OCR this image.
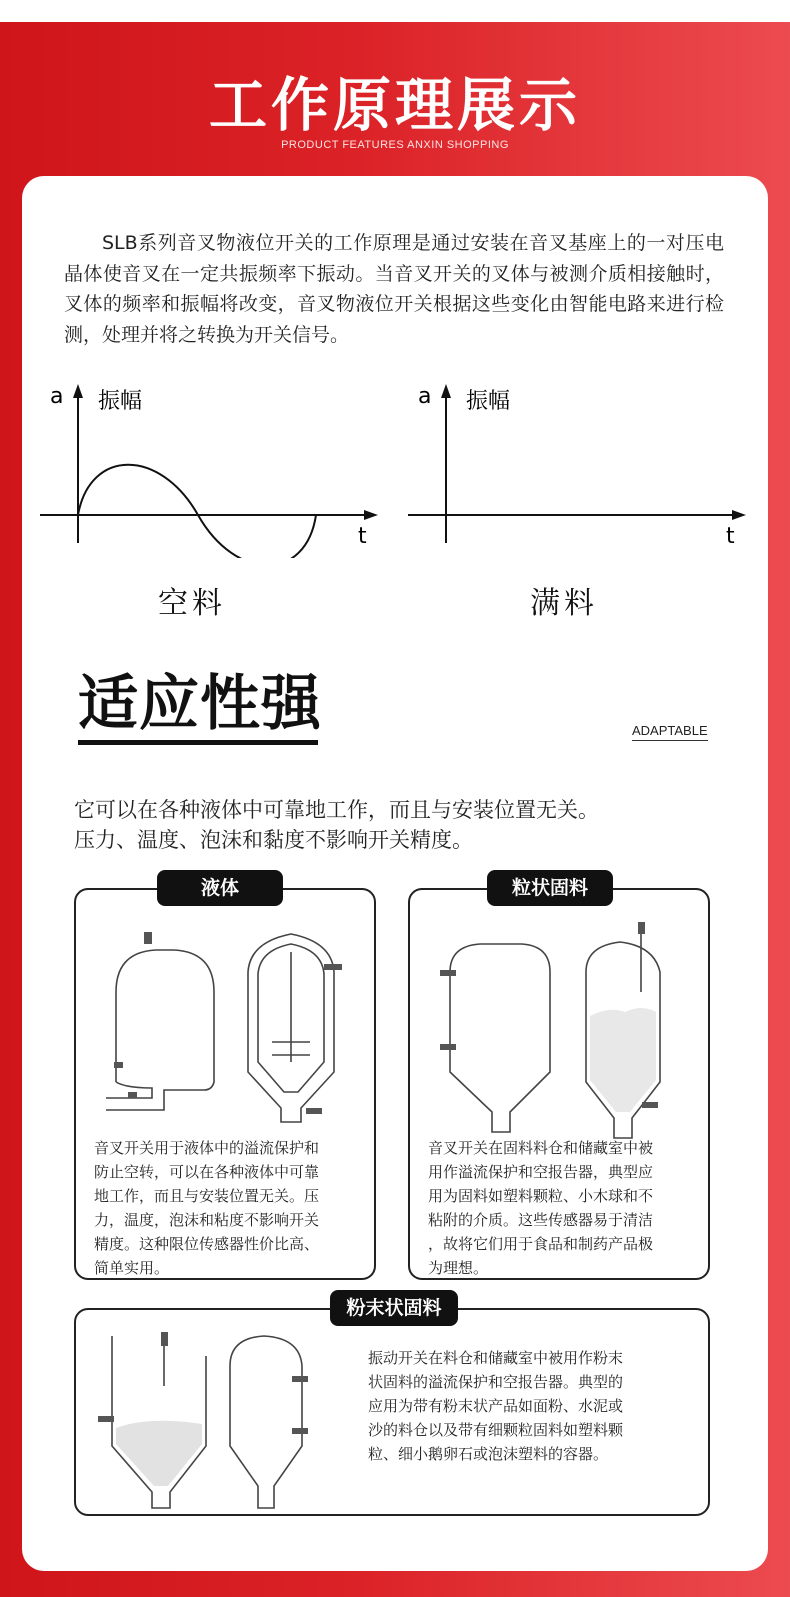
工作原理展示
PRODUCT FEATURES ANXIN SHOPPING
SLB系列音叉物液位开关的工作原理是通过安装在音叉基座上的一对压电晶体使音叉在一定共振频率下振动。当音叉开关的叉体与被测介质相接触时，叉体的频率和振幅将改变，音叉物液位开关根据这些变化由智能电路来进行检测，处理并将之转换为开关信号。
a 振幅
t
空料
a 振幅
t
满料
适应性强	ADAPTABLE
它可以在各种液体中可靠地工作，而且与安装位置无关。
压力、温度、泡沫和黏度不影响开关精度。
音叉开关用于液体中的溢流保护和
防止空转，可以在各种液体中可靠
地工作，而且与安装位置无关。压
力，温度，泡沫和粘度不影响开关
精度。这种限位传感器性价比高、
简单实用。
液体
音叉开关在固料料仓和储藏室中被
用作溢流保护和空报告器，典型应
用为固料如塑料颗粒、小木球和不
粘附的介质。这些传感器易于清洁
，故将它们用于食品和制药产品极
为理想。
粒状固料
振动开关在料仓和储藏室中被用作粉末
状固料的溢流保护和空报告器。典型的
应用为带有粉末状产品如面粉、水泥或
沙的料仓以及带有细颗粒固料如塑料颗
粒、细小鹅卵石或泡沫塑料的容器。
粉末状固料
